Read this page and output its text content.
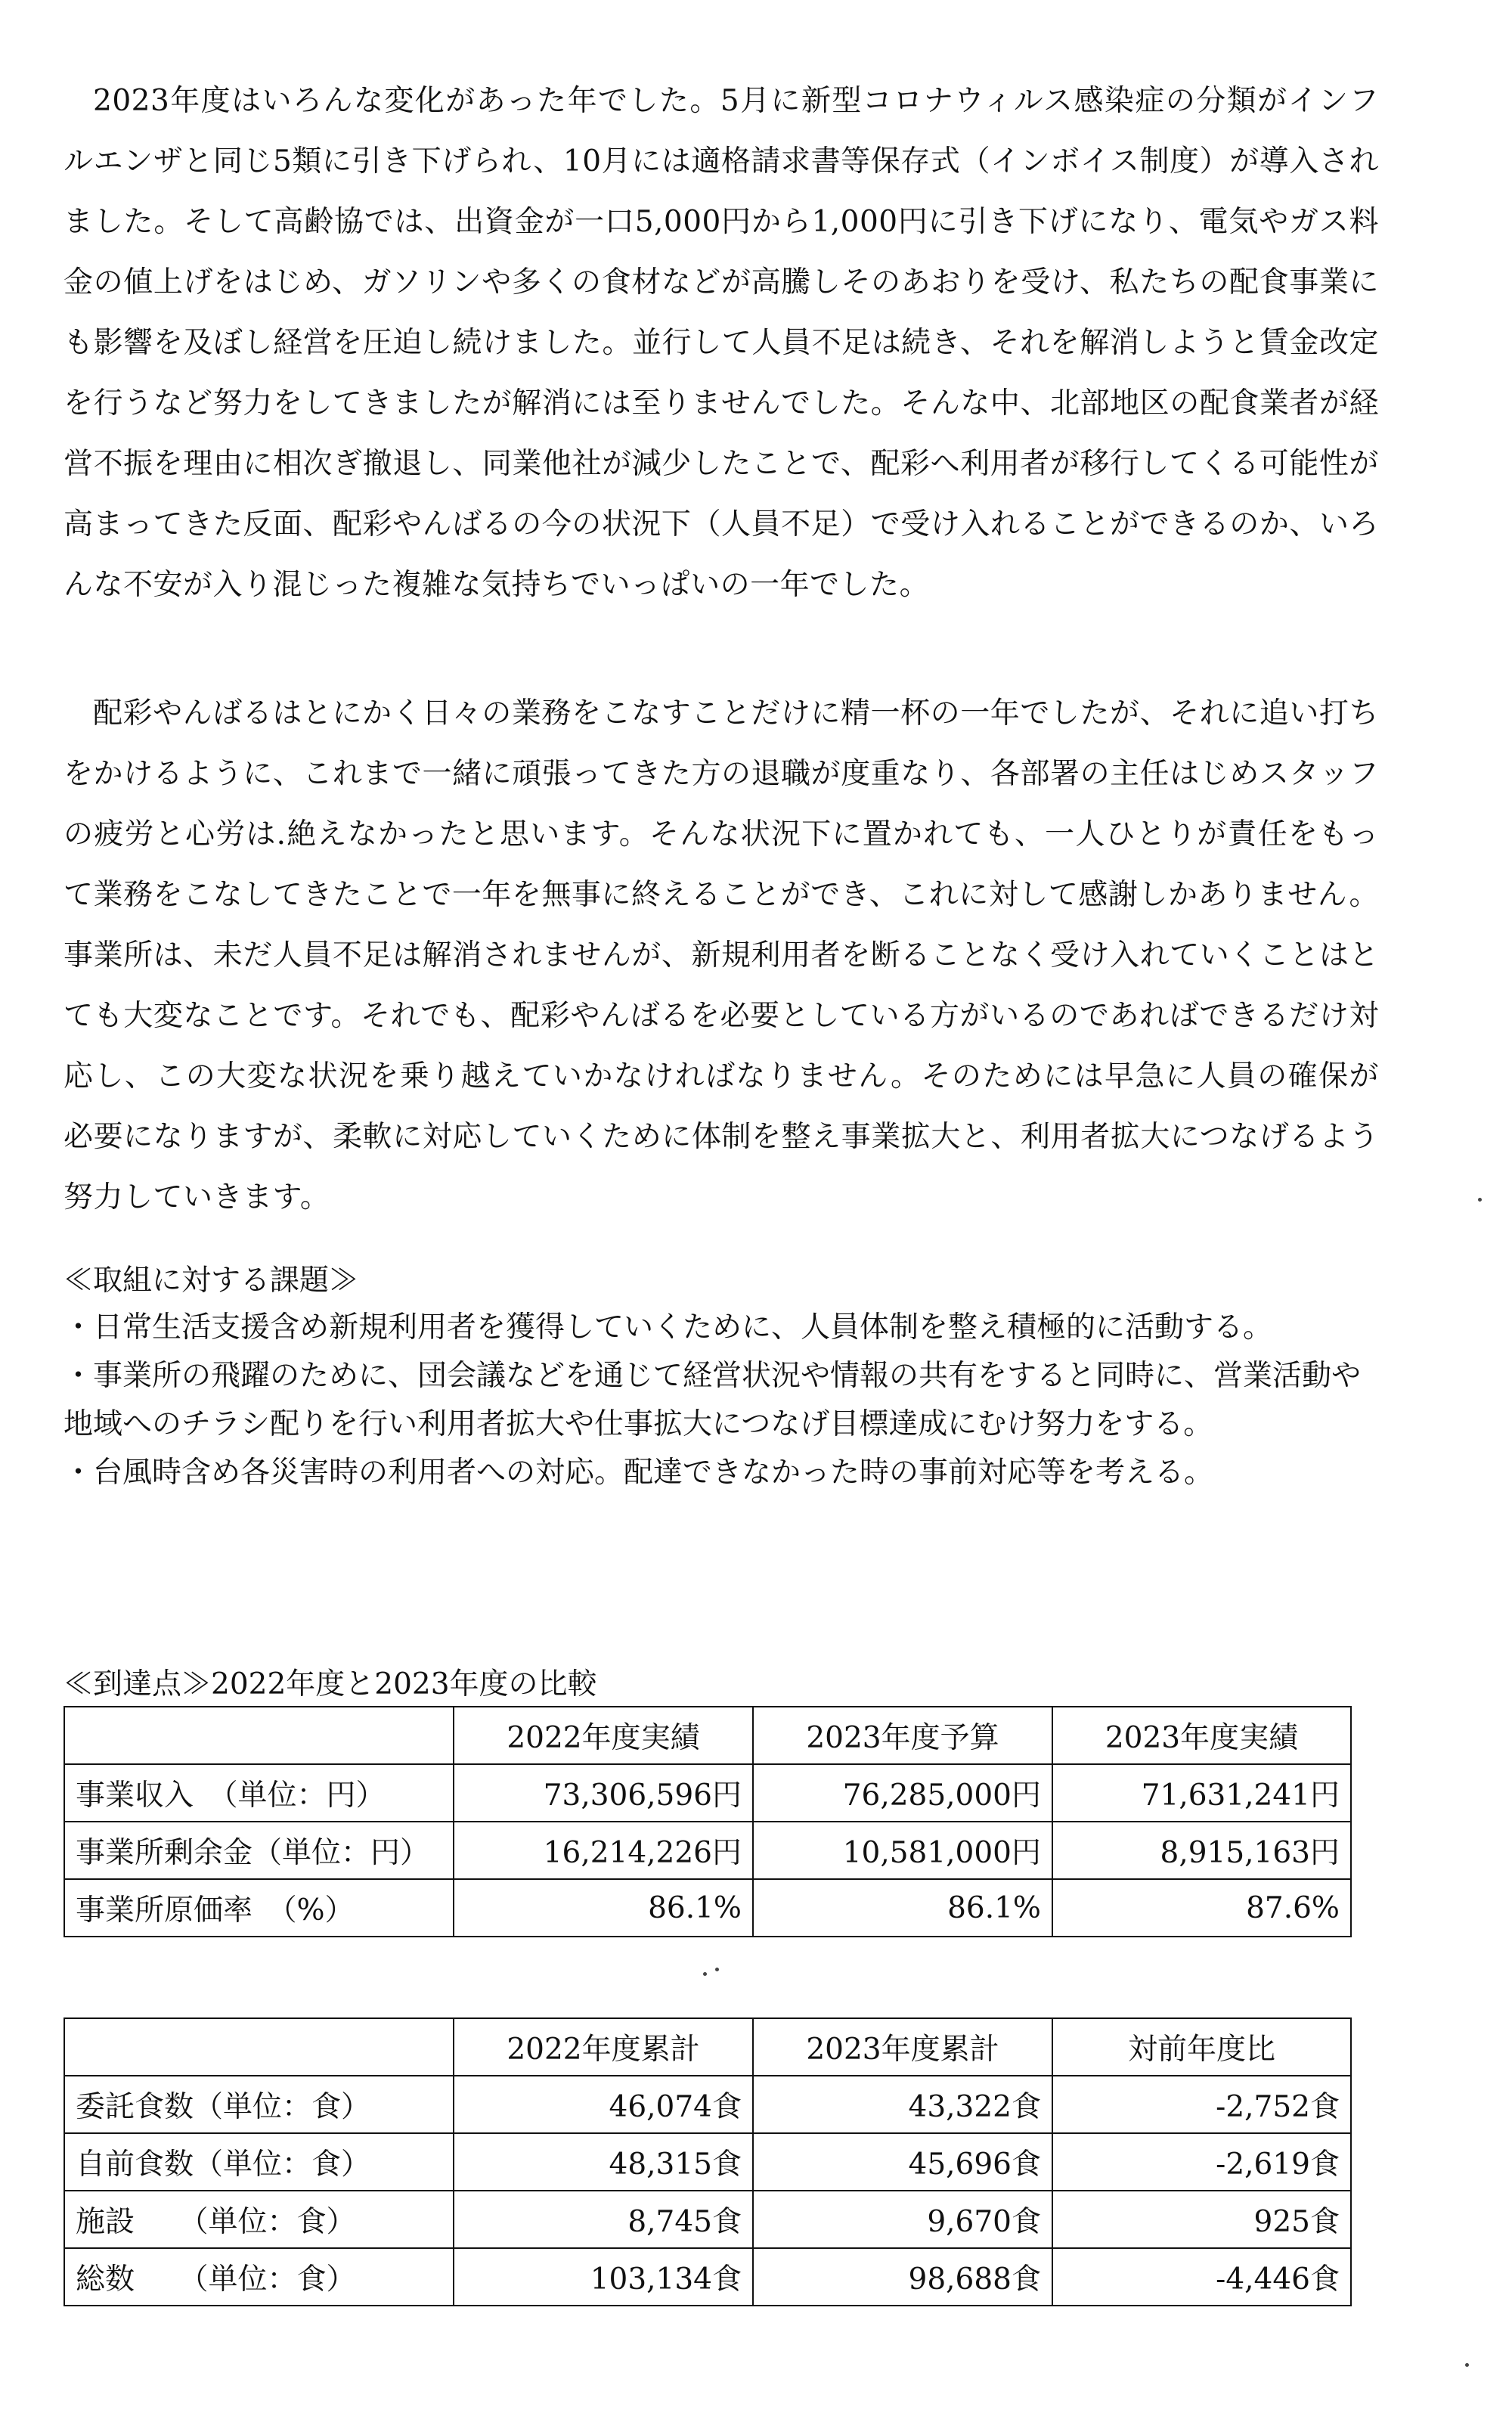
2023年度はいろんな変化があった年でした。5月に新型コロナウィルス感染症の分類がインフルエンザと同じ5類に引き下げられ、10月には適格請求書等保存式（インボイス制度）が導入されました。そして高齢協では、出資金が一口5,000円から1,000円に引き下げになり、電気やガス料金の値上げをはじめ、ガソリンや多くの食材などが高騰しそのあおりを受け、私たちの配食事業にも影響を及ぼし経営を圧迫し続けました。並行して人員不足は続き、それを解消しようと賃金改定を行うなど努力をしてきましたが解消には至りませんでした。そんな中、北部地区の配食業者が経営不振を理由に相次ぎ撤退し、同業他社が減少したことで、配彩へ利用者が移行してくる可能性が高まってきた反面、配彩やんばるの今の状況下（人員不足）で受け入れることができるのか、いろんな不安が入り混じった複雑な気持ちでいっぱいの一年でした。

配彩やんばるはとにかく日々の業務をこなすことだけに精一杯の一年でしたが、それに追い打ちをかけるように、これまで一緒に頑張ってきた方の退職が度重なり、各部署の主任はじめスタッフの疲労と心労は.絶えなかったと思います。そんな状況下に置かれても、一人ひとりが責任をもって業務をこなしてきたことで一年を無事に終えることができ、これに対して感謝しかありません。事業所は、未だ人員不足は解消されませんが、新規利用者を断ることなく受け入れていくことはとても大変なことです。それでも、配彩やんばるを必要としている方がいるのであればできるだけ対応し、この大変な状況を乗り越えていかなければなりません。そのためには早急に人員の確保が必要になりますが、柔軟に対応していくために体制を整え事業拡大と、利用者拡大につなげるよう努力していきます。

≪取組に対する課題≫

・日常生活支援含め新規利用者を獲得していくために、人員体制を整え積極的に活動する。

・事業所の飛躍のために、団会議などを通じて経営状況や情報の共有をすると同時に、営業活動や地域へのチラシ配りを行い利用者拡大や仕事拡大につなげ目標達成にむけ努力をする。

・台風時含め各災害時の利用者への対応。配達できなかった時の事前対応等を考える。

≪到達点≫2022年度と2023年度の比較

	2022年度実績	2023年度予算	2023年度実績
事業収入　（単位：円）	73,306,596円	76,285,000円	71,631,241円
事業所剰余金（単位：円）	16,214,226円	10,581,000円	8,915,163円
事業所原価率　（%）	86.1%	86.1%	87.6%
	2022年度累計	2023年度累計	対前年度比
委託食数（単位：食）	46,074食	43,322食	-2,752食
自前食数（単位：食）	48,315食	45,696食	-2,619食
施設　　（単位：食）	8,745食	9,670食	925食
総数　　（単位：食）	103,134食	98,688食	-4,446食
